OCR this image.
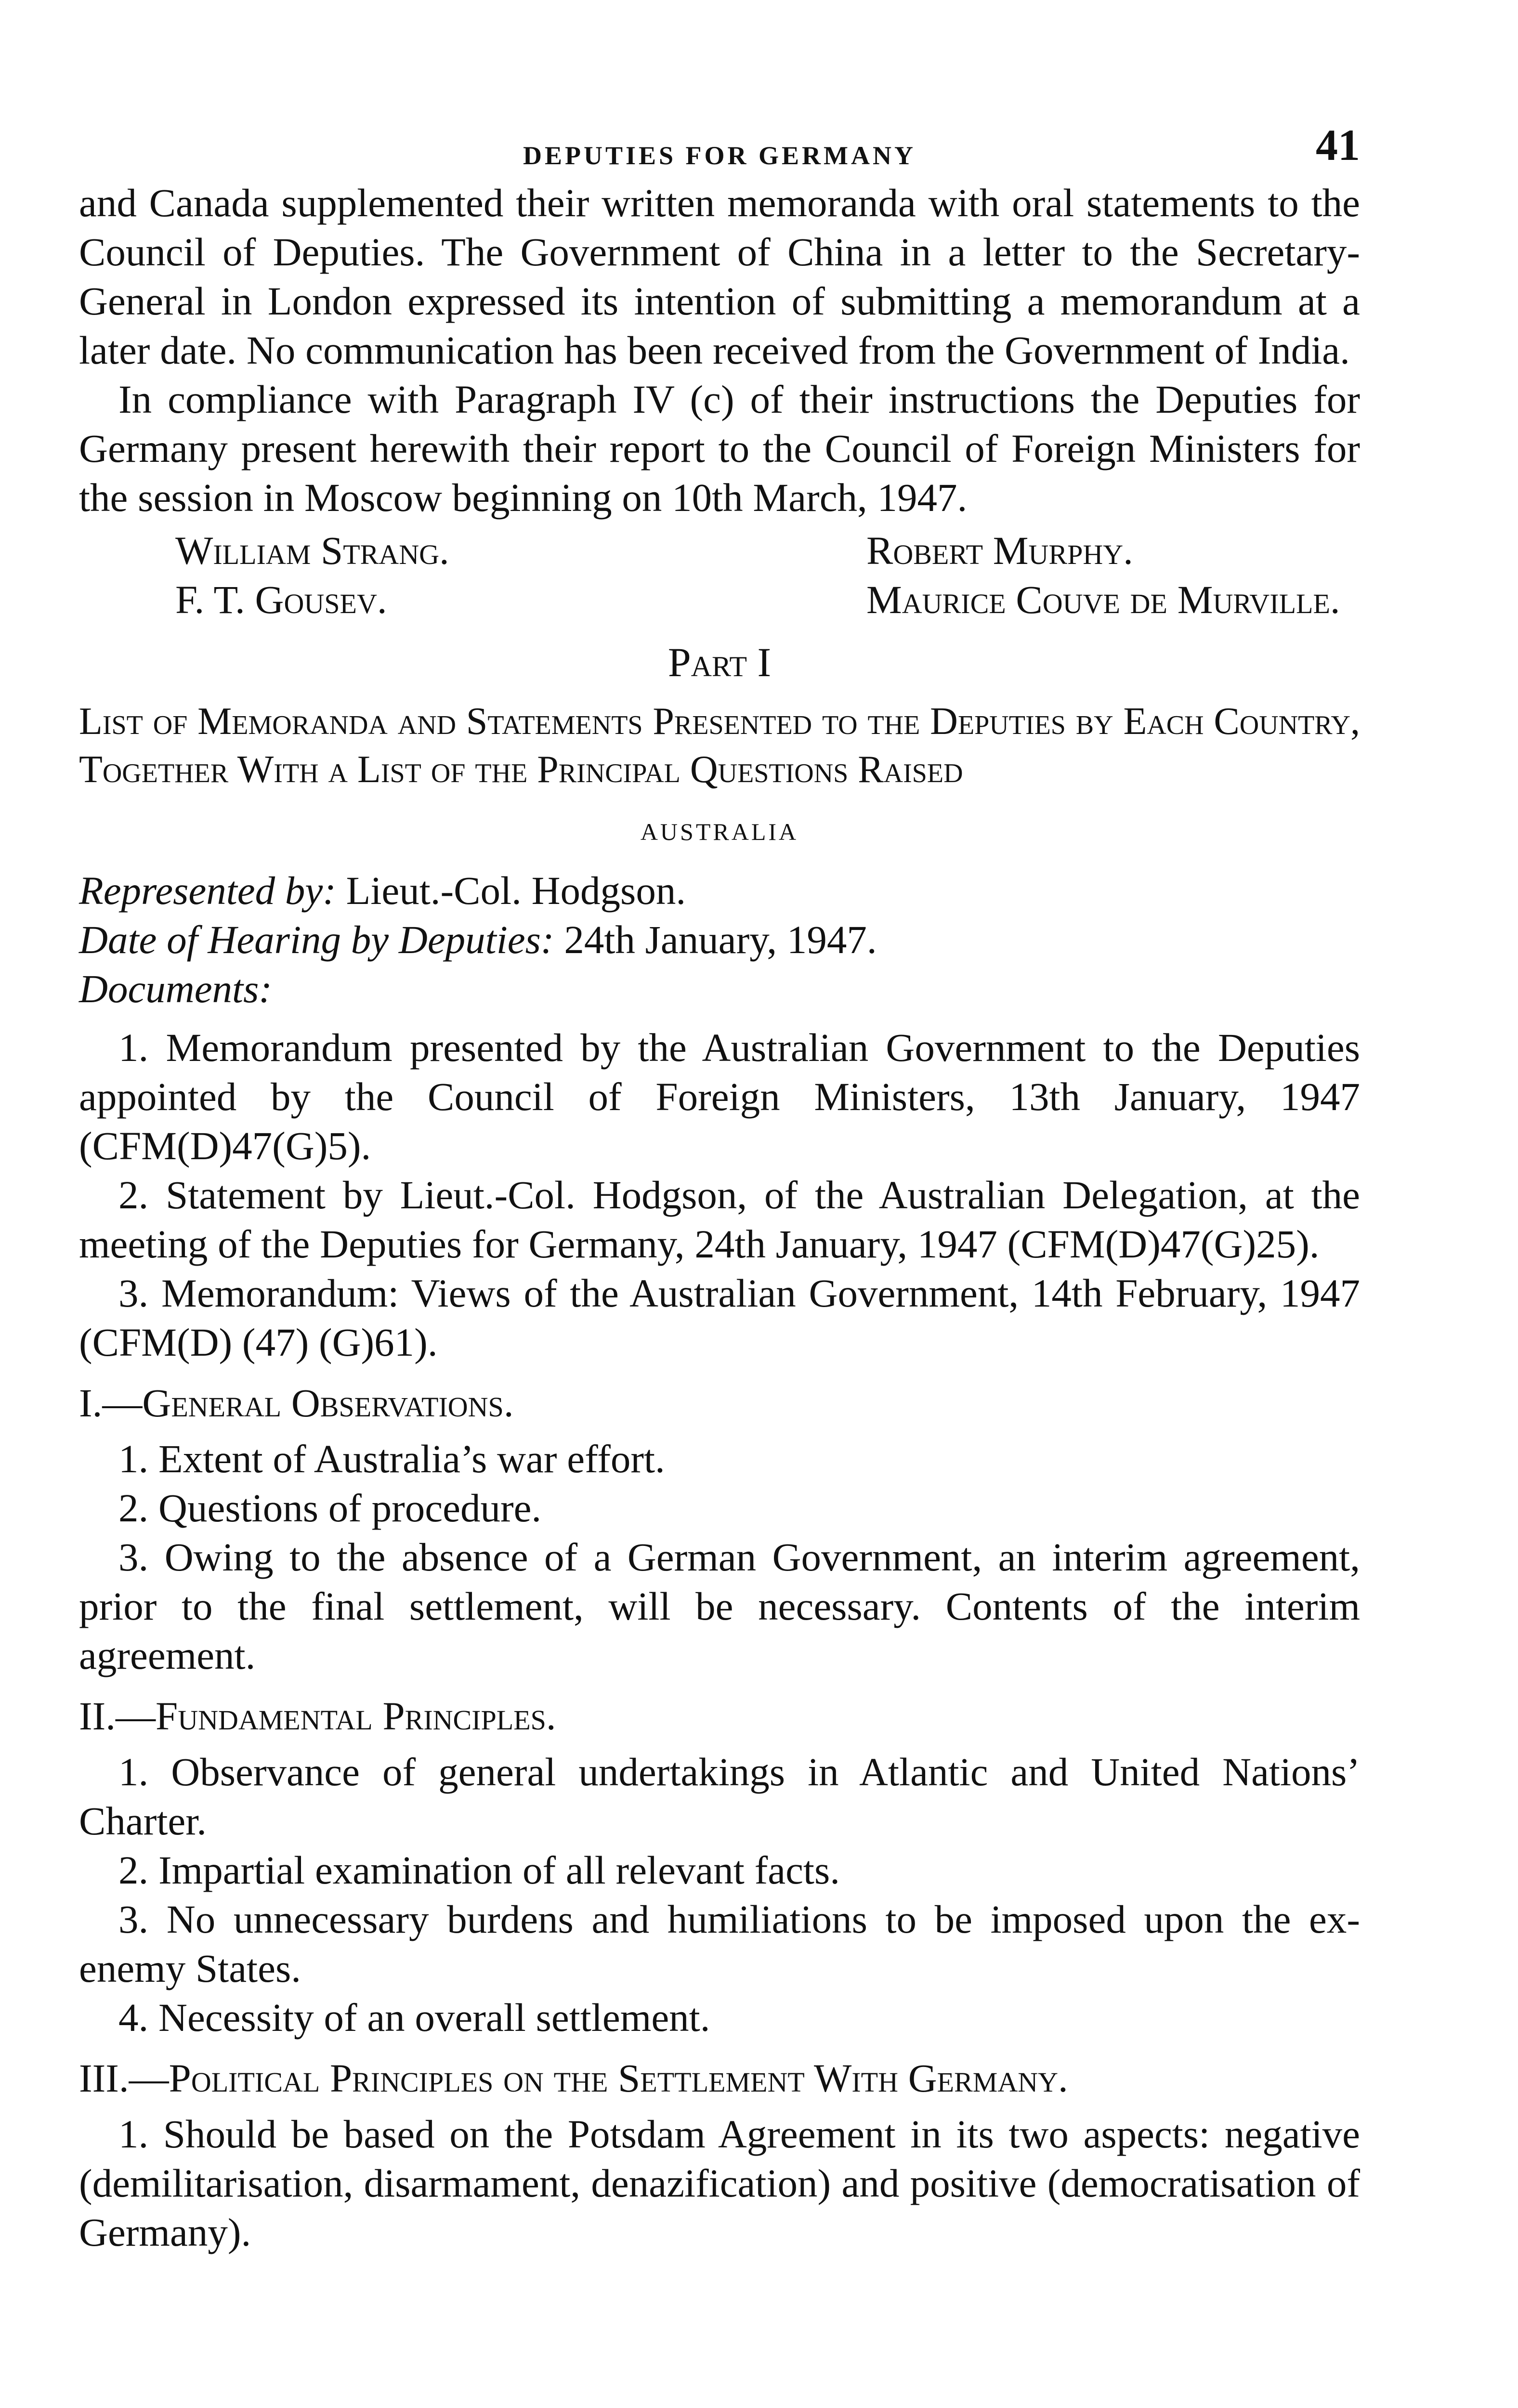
DEPUTIES FOR GERMANY	41

and Canada supplemented their written memoranda with oral statements to the Council of Deputies. The Government of China in a letter to the Secretary-General in London expressed its intention of submitting a memorandum at a later date. No communication has been received from the Government of India.

In compliance with Paragraph IV (c) of their instructions the Deputies for Germany present herewith their report to the Council of Foreign Ministers for the session in Moscow beginning on 10th March, 1947.

William Strang.	Robert Murphy.
F. T. Gousev.	Maurice Couve de Murville.
Part I

List of Memoranda and Statements Presented to the Deputies by Each Country, Together With a List of the Principal Questions Raised

AUSTRALIA

Represented by: Lieut.-Col. Hodgson.

Date of Hearing by Deputies: 24th January, 1947.

Documents:

1. Memorandum presented by the Australian Government to the Deputies appointed by the Council of Foreign Ministers, 13th January, 1947 (CFM(D)47(G)5).

2. Statement by Lieut.-Col. Hodgson, of the Australian Delegation, at the meeting of the Deputies for Germany, 24th January, 1947 (CFM(D)47(G)25).

3. Memorandum: Views of the Australian Government, 14th February, 1947 (CFM(D) (47) (G)61).

I.—General Observations.

1. Extent of Australia’s war effort.

2. Questions of procedure.

3. Owing to the absence of a German Government, an interim agreement, prior to the final settlement, will be necessary. Contents of the interim agreement.

II.—Fundamental Principles.

1. Observance of general undertakings in Atlantic and United Nations’ Charter.

2. Impartial examination of all relevant facts.

3. No unnecessary burdens and humiliations to be imposed upon the ex-enemy States.

4. Necessity of an overall settlement.

III.—Political Principles on the Settlement With Germany.

1. Should be based on the Potsdam Agreement in its two aspects: negative (demilitarisation, disarmament, denazification) and positive (democratisation of Germany).
